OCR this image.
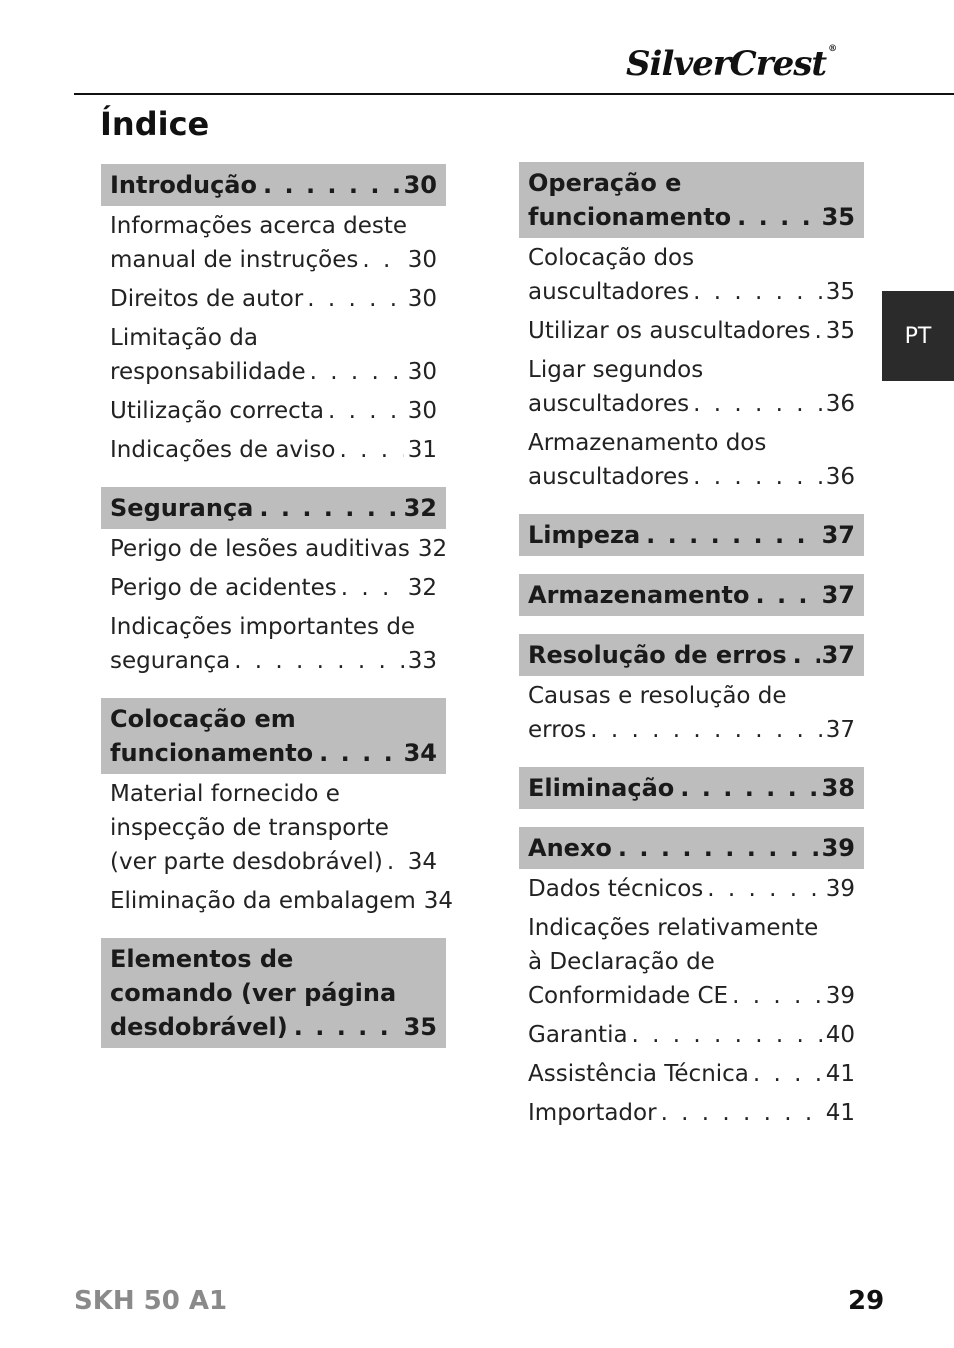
SilverCrest ®
Índice
PT
Introdução . . .	30
Informações acerca deste
manual de instruções . . . 30
Direitos de autor . . .	30
Limitação da
responsabilidade . . .	30
Utilização correcta . . .	30
Indicações de aviso . . .	31
Segurança . . .	32
Perigo de lesões auditivas 32
Perigo de acidentes . . .	32
Indicações importantes de
segurança . . .	33
Colocação em
funcionamento . . .	34
Material fornecido e
inspecção de transporte
(ver parte desdobrável) . . . 34
Eliminação da embalagem 34
Elementos de
comando (ver página
desdobrável) . . .	35
Operação e
funcionamento . . .	35
Colocação dos
auscultadores . . .	35
Utilizar os auscultadores . . . 35
Ligar segundos
auscultadores . . .	36
Armazenamento dos
auscultadores . . .	36
Limpeza . . .	37
Armazenamento . . .	37
Resolução de erros . . . 37
Causas e resolução de
erros . . .	37
Eliminação . . .	38
Anexo . . .	39
Dados técnicos . . .	39
Indicações relativamente
à Declaração de
Conformidade CE . . .	39
Garantia . . .	40
Assistência Técnica . . .	41
Importador . . .	41
SKH 50 A1	29
